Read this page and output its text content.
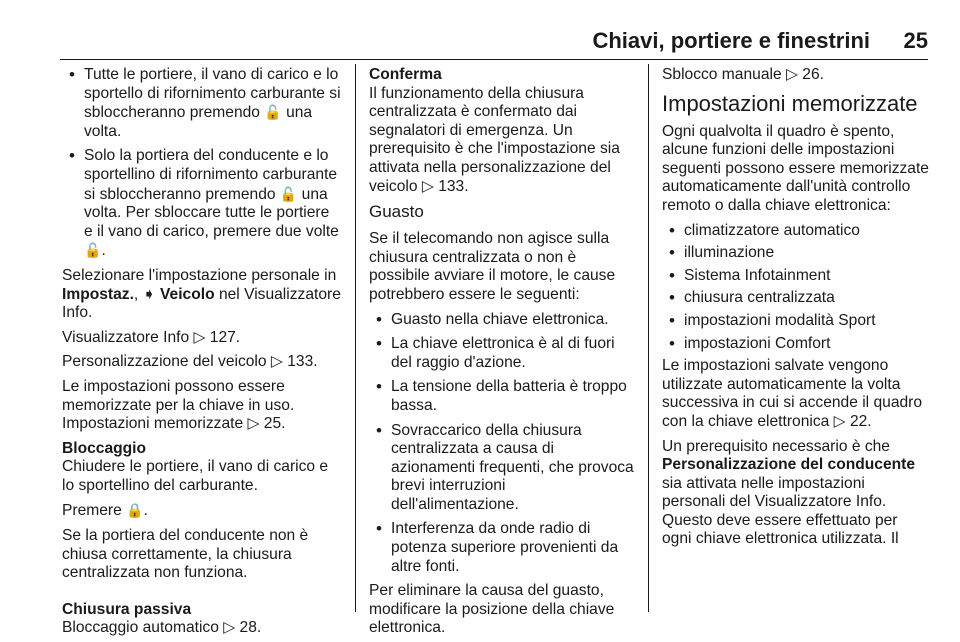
Chiavi, portiere e finestrini 25
• Tutte le portiere, il vano di carico e lo sportello di rifornimento carburante si sbloccheranno premendo 🔓 una volta.
• Solo la portiera del conducente e lo sportellino di rifornimento carburante si sbloccheranno premendo 🔓 una volta. Per sbloccare tutte le portiere e il vano di carico, premere due volte 🔓.
Selezionare l'impostazione personale in Impostaz., ➧ Veicolo nel Visualizzatore Info.
Visualizzatore Info ▷ 127.
Personalizzazione del veicolo ▷ 133.
Le impostazioni possono essere memorizzate per la chiave in uso. Impostazioni memorizzate ▷ 25.
Bloccaggio
Chiudere le portiere, il vano di carico e lo sportellino del carburante.
Premere 🔒.
Se la portiera del conducente non è chiusa correttamente, la chiusura centralizzata non funziona.
Chiusura passiva
Bloccaggio automatico ▷ 28.
Conferma
Il funzionamento della chiusura centralizzata è confermato dai segnalatori di emergenza. Un prerequisito è che l'impostazione sia attivata nella personalizzazione del veicolo ▷ 133.
Guasto
Se il telecomando non agisce sulla chiusura centralizzata o non è possibile avviare il motore, le cause potrebbero essere le seguenti:
• Guasto nella chiave elettronica.
• La chiave elettronica è al di fuori del raggio d'azione.
• La tensione della batteria è troppo bassa.
• Sovraccarico della chiusura centralizzata a causa di azionamenti frequenti, che provoca brevi interruzioni dell'alimentazione.
• Interferenza da onde radio di potenza superiore provenienti da altre fonti.
Per eliminare la causa del guasto, modificare la posizione della chiave elettronica.
Sblocco manuale ▷ 26.
Impostazioni memorizzate
Ogni qualvolta il quadro è spento, alcune funzioni delle impostazioni seguenti possono essere memorizzate automaticamente dall'unità controllo remoto o dalla chiave elettronica:
• climatizzatore automatico
• illuminazione
• Sistema Infotainment
• chiusura centralizzata
• impostazioni modalità Sport
• impostazioni Comfort
Le impostazioni salvate vengono utilizzate automaticamente la volta successiva in cui si accende il quadro con la chiave elettronica ▷ 22.
Un prerequisito necessario è che Personalizzazione del conducente sia attivata nelle impostazioni personali del Visualizzatore Info. Questo deve essere effettuato per ogni chiave elettronica utilizzata. Il
